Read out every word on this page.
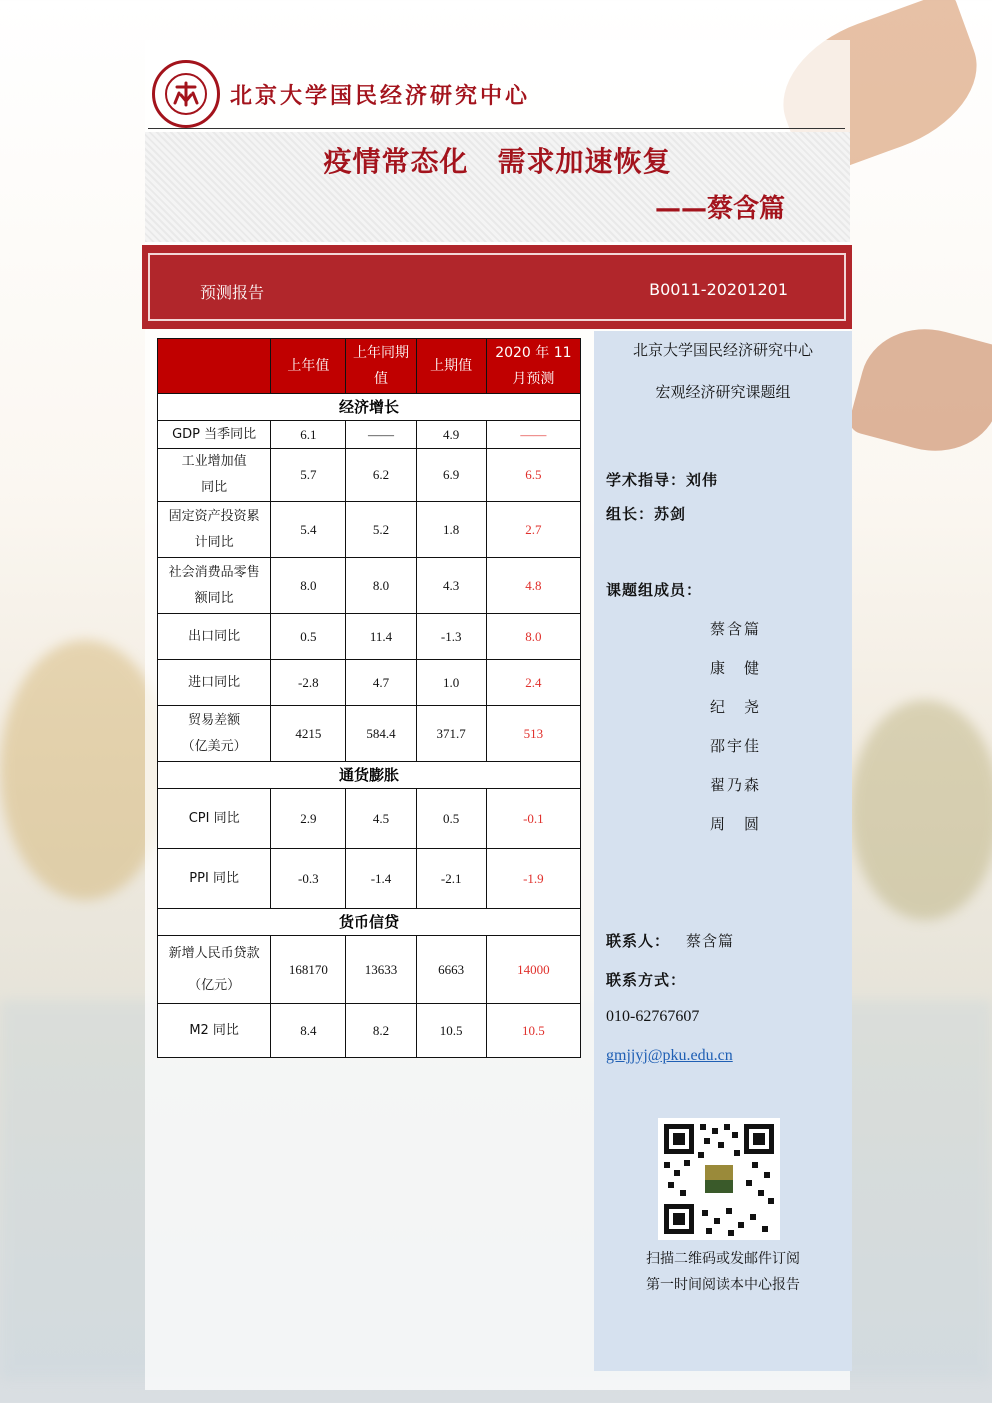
北京大学国民经济研究中心
疫情常态化　需求加速恢复
——蔡含篇
预测报告	B0011-20201201
	上年值	上年同期值	上期值	2020 年 11 月预测
经济增长				
GDP 当季同比	6.1	——	4.9	——
工业增加值同比	5.7	6.2	6.9	6.5
固定资产投资累计同比	5.4	5.2	1.8	2.7
社会消费品零售额同比	8.0	8.0	4.3	4.8
出口同比	0.5	11.4	-1.3	8.0
进口同比	-2.8	4.7	1.0	2.4
贸易差额（亿美元）	4215	584.4	371.7	513
通货膨胀				
CPI 同比	2.9	4.5	0.5	-0.1
PPI 同比	-0.3	-1.4	-2.1	-1.9
货币信贷				
新增人民币贷款（亿元）	168170	13633	6663	14000
M2 同比	8.4	8.2	10.5	10.5
北京大学国民经济研究中心
宏观经济研究课题组
学术指导：刘伟
组长：苏剑
课题组成员：
蔡含篇
康　健
纪　尧
邵宇佳
翟乃森
周　圆
联系人： 蔡含篇
联系方式：
010-62767607
gmjjyj@pku.edu.cn
扫描二维码或发邮件订阅
第一时间阅读本中心报告
